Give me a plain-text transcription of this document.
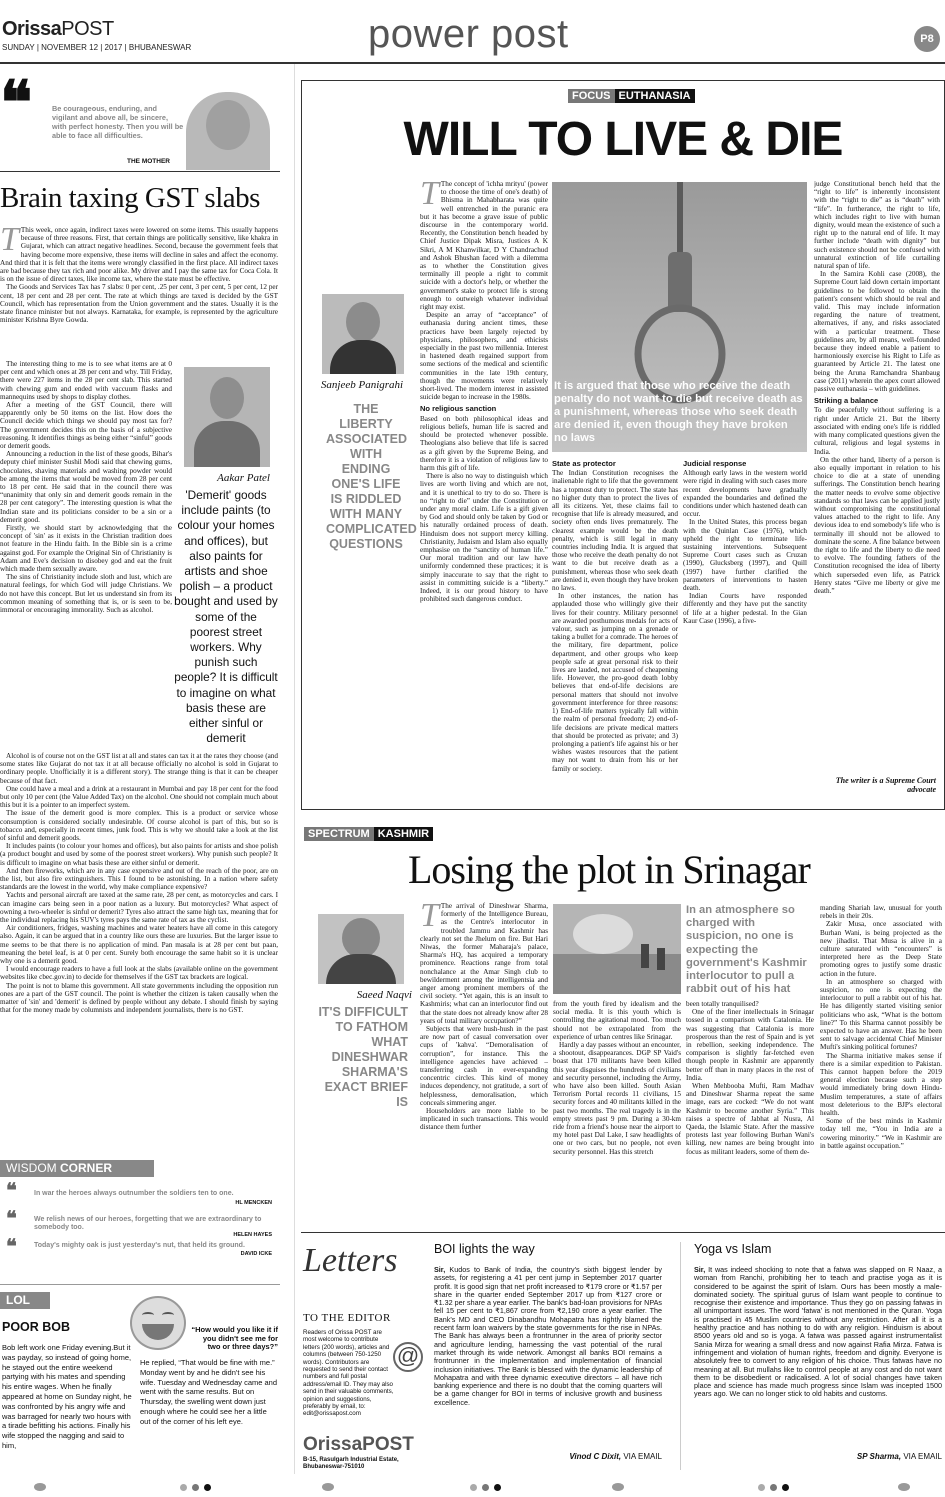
OrissaPOST
SUNDAY | NOVEMBER 12 | 2017 | BHUBANESWAR	power post	P8
❝	Be courageous, enduring, and vigilant and above all, be sincere, with perfect honesty. Then you will be able to face all difficulties.
THE MOTHER
Brain taxing GST slabs
T This week, once again, indirect taxes were lowered on some items. This usually happens because of three reasons. First, that certain things are politically sensitive, like khakra in Gujarat, which can attract negative headlines. Second, because the government feels that having become more expensive, these items will decline in sales and affect the economy. And third that it is felt that the items were wrongly classified in the first place. All indirect taxes are bad because they tax rich and poor alike. My driver and I pay the same tax for Coca Cola. It is on the issue of direct taxes, like income tax, where the state must be effective.

The Goods and Services Tax has 7 slabs: 0 per cent, .25 per cent, 3 per cent, 5 per cent, 12 per cent, 18 per cent and 28 per cent. The rate at which things are taxed is decided by the GST Council, which has representation from the Union government and the states. Usually it is the state finance minister but not always. Karnataka, for example, is represented by the agriculture minister Krishna Byre Gowda.

The interesting thing to me is to see what items are at 0 per cent and which ones at 28 per cent and why. Till Friday, there were 227 items in the 28 per cent slab. This started with chewing gum and ended with vaccuum flasks and mannequins used by shops to display clothes.

After a meeting of the GST Council, there will apparently only be 50 items on the list. How does the Council decide which things we should pay most tax for? The government decides this on the basis of a subjective reasoning. It identifies things as being either “sinful” goods or demerit goods.

Announcing a reduction in the list of these goods, Bihar's deputy chief minister Sushil Modi said that chewing gums, chocolates, shaving materials and washing powder would be among the items that would be moved from 28 per cent to 18 per cent. He said that in the council there was “unanimity that only sin and demerit goods remain in the 28 per cent category”. The interesting question is what the Indian state and its politicians consider to be a sin or a demerit good.

Firstly, we should start by acknowledging that the concept of 'sin' as it exists in the Christian tradition does not feature in the Hindu faith. In the Bible sin is a crime against god. For example the Original Sin of Christianity is Adam and Eve's decision to disobey god and eat the fruit which made them sexually aware.

The sins of Christianity include sloth and lust, which are natural feelings, for which God will judge Christians. We do not have this concept. But let us understand sin from its common meaning of something that is, or is seen to be, immoral or encouraging immorality. Such as alcohol.

Aakar Patel
'Demerit' goods include paints (to colour your homes and offices), but also paints for artists and shoe polish – a product bought and used by some of the poorest street workers. Why punish such people? It is difficult to imagine on what basis these are either sinful or demerit

Alcohol is of course not on the GST list at all and states can tax it at the rates they choose (and some states like Gujarat do not tax it at all because officially no alcohol is sold in Gujarat to ordinary people. Unofficially it is a different story). The strange thing is that it can be cheaper because of that fact.

One could have a meal and a drink at a restaurant in Mumbai and pay 18 per cent for the food but only 10 per cent (the Value Added Tax) on the alcohol. One should not complain much about this but it is a pointer to an imperfect system.

The issue of the demerit good is more complex. This is a product or service whose consumption is considered socially undesirable. Of course alcohol is part of this, but so is tobacco and, especially in recent times, junk food. This is why we should take a look at the list of sinful and demerit goods.

It includes paints (to colour your homes and offices), but also paints for artists and shoe polish (a product bought and used by some of the poorest street workers). Why punish such people? It is difficult to imagine on what basis these are either sinful or demerit.

And then fireworks, which are in any case expensive and out of the reach of the poor, are on the list, but also fire extinguishers. This I found to be astonishing. In a nation where safety standards are the lowest in the world, why make compliance expensive?

Yachts and personal aircraft are taxed at the same rate, 28 per cent, as motorcycles and cars. I can imagine cars being seen in a poor nation as a luxury. But motorcycles? What aspect of owning a two-wheeler is sinful or demerit? Tyres also attract the same high tax, meaning that for the individual replacing his SUV's tyres pays the same rate of tax as the cyclist.

Air conditioners, fridges, washing machines and water heaters have all come in this category also. Again, it can be argued that in a country like ours these are luxuries. But the larger issue to me seems to be that there is no application of mind. Pan masala is at 28 per cent but paan, meaning the betel leaf, is at 0 per cent. Surely both encourage the same habit so it is unclear why one is a demerit good.

I would encourage readers to have a full look at the slabs (available online on the government websites like cbec.gov.in) to decide for themselves if the GST tax brackets are logical.

The point is not to blame this government. All state governments including the opposition run ones are a part of the GST council. The point is whether the citizen is taken causally when the matter of 'sin' and 'demerit' is defined by people without any debate. I should finish by saying that for the money made by columnists and independent journalists, there is no GST.

WISDOM CORNER
❝ In war the heroes always outnumber the soldiers ten to one.
HL MENCKEN
❝ We relish news of our heroes, forgetting that we are extraordinary to somebody too.
HELEN HAYES
❝ Today's mighty oak is just yesterday's nut, that held its ground.
DAVID ICKE
LOL
POOR BOB	“How would you like it if you didn't see me for two or three days?”
Bob left work one Friday evening.But it was payday, so instead of going home, he stayed out the entire weekend partying with his mates and spending his entire wages. When he finally appeared at home on Sunday night, he was confronted by his angry wife and was barraged for nearly two hours with a tirade befitting his actions. Finally his wife stopped the nagging and said to him,
He replied, “That would be fine with me.” Monday went by and he didn't see his wife. Tuesday and Wednesday came and went with the same results. But on Thursday, the swelling went down just enough where he could see her a little out of the corner of his left eye.
FOCUS EUTHANASIA
WILL TO LIVE & DIE
Sanjeeb Panigrahi
THE LIBERTY ASSOCIATED WITH ENDING ONE'S LIFE IS RIDDLED WITH MANY COMPLICATED QUESTIONS
T The concept of 'ichha mrityu' (power to choose the time of one's death) of Bhisma in Mahabharata was quite well entrenched in the puranic era but it has become a grave issue of public discourse in the contemporary world. Recently, the Constitution bench headed by Chief Justice Dipak Misra, Justices A K Sikri, A M Khanwilkar, D Y Chandrachud and Ashok Bhushan faced with a dilemma as to whether the Constitution gives terminally ill people a right to commit suicide with a doctor's help, or whether the government's stake to protect life is strong enough to outweigh whatever individual right may exist.

Despite an array of “acceptance” of euthanasia during ancient times, these practices have been largely rejected by physicians, philosophers, and ethicists especially in the past two millennia. Interest in hastened death regained support from some sections of the medical and scientific communities in the late 19th century, though the movements were relatively short-lived. The modern interest in assisted suicide began to increase in the 1980s.

No religious sanction

Based on both philosophical ideas and religious beliefs, human life is sacred and should be protected whenever possible. Theologians also believe that life is sacred as a gift given by the Supreme Being, and therefore it is a violation of religious law to harm this gift of life.

There is also no way to distinguish which lives are worth living and which are not, and it is unethical to try to do so. There is no “right to die” under the Constitution or under any moral claim. Life is a gift given by God and should only be taken by God or his naturally ordained process of death. Hinduism does not support mercy killing. Christianity, Judaism and Islam also equally emphasise on the “sanctity of human life.” Our moral tradition and our law have uniformly condemned these practices; it is simply inaccurate to say that the right to assist in committing suicide is a “liberty.” Indeed, it is our proud history to have prohibited such dangerous conduct.

It is argued that those who receive the death penalty do not want to die but receive death as a punishment, whereas those who seek death are denied it, even though they have broken no laws
State as protector

The Indian Constitution recognises the inalienable right to life that the government has a topmost duty to protect. The state has no higher duty than to protect the lives of all its citizens. Yet, these claims fail to recognise that life is already measured, and society often ends lives prematurely. The clearest example would be the death penalty, which is still legal in many countries including India. It is argued that those who receive the death penalty do not want to die but receive death as a punishment, whereas those who seek death are denied it, even though they have broken no laws.

In other instances, the nation has applauded those who willingly give their lives for their country. Military personnel are awarded posthumous medals for acts of valour, such as jumping on a grenade or taking a bullet for a comrade. The heroes of the military, fire department, police department, and other groups who keep people safe at great personal risk to their lives are lauded, not accused of cheapening life. However, the pro-good death lobby believes that end-of-life decisions are personal matters that should not involve government interference for three reasons: 1) End-of-life matters typically fall within the realm of personal freedom; 2) end-of-life decisions are private medical matters that should be protected as private; and 3) prolonging a patient's life against his or her wishes wastes resources that the patient may not want to drain from his or her family or society.

Judicial response

Although early laws in the western world were rigid in dealing with such cases more recent developments have gradually expanded the boundaries and defined the conditions under which hastened death can occur.

In the United States, this process began with the Quinlan Case (1976), which upheld the right to terminate life-sustaining interventions. Subsequent Supreme Court cases such as Cruzan (1990), Glucksberg (1997), and Quill (1997) have further clarified the parameters of interventions to hasten death.

Indian Courts have responded differently and they have put the sanctity of life at a higher pedestal. In the Gian Kaur Case (1996), a five-

judge Constitutional bench held that the “right to life” is inherently inconsistent with the “right to die” as is “death” with “life”. In furtherance, the right to life, which includes right to live with human dignity, would mean the existence of such a right up to the natural end of life. It may further include “death with dignity” but such existence should not be confused with unnatural extinction of life curtailing natural span of life.

In the Samira Kohli case (2008), the Supreme Court laid down certain important guidelines to be followed to obtain the patient's consent which should be real and valid. This may include information regarding the nature of treatment, alternatives, if any, and risks associated with a particular treatment. These guidelines are, by all means, well-founded because they indeed enable a patient to harmoniously exercise his Right to Life as guaranteed by Article 21. The latest one being the Aruna Ramchandra Shanbaug case (2011) wherein the apex court allowed passive euthanasia – with guidelines.

Striking a balance

To die peacefully without suffering is a right under Article 21. But the liberty associated with ending one's life is riddled with many complicated questions given the cultural, religious and legal systems in India.

On the other hand, liberty of a person is also equally important in relation to his choice to die at a state of unending sufferings. The Constitution bench hearing the matter needs to evolve some objective standards so that laws can be applied justly without compromising the constitutional values attached to the right to life. Any devious idea to end somebody's life who is terminally ill should not be allowed to dominate the scene. A fine balance between the right to life and the liberty to die need to evolve. The founding fathers of the Constitution recognised the idea of liberty which superseded even life, as Patrick Henry states “Give me liberty or give me death.”

The writer is a Supreme Court advocate
SPECTRUM KASHMIR
Losing the plot in Srinagar
Saeed Naqvi
IT'S DIFFICULT TO FATHOM WHAT DINESHWAR SHARMA'S EXACT BRIEF IS
T The arrival of Dineshwar Sharma, formerly of the Intelligence Bureau, as the Centre's interlocutor in troubled Jammu and Kashmir has clearly not set the Jhelum on fire. But Hari Niwas, the former Maharaja's palace, Sharma's HQ, has acquired a temporary prominence. Reactions range from total nonchalance at the Amar Singh club to bewilderment among the intelligentsia and anger among prominent members of the civil society. “Yet again, this is an insult to Kashmiris; what can an interlocutor find out that the state does not already know after 28 years of total military occupation?”

Subjects that were hush-hush in the past are now part of casual conversation over cups of 'kahva'. “Demoralisation of corruption”, for instance. This the intelligence agencies have achieved – transferring cash in ever-expanding concentric circles. This kind of money induces dependency, not gratitude, a sort of helplessness, demoralisation, which conceals simmering anger.

Householders are more liable to be implicated in such transactions. This would distance them further

from the youth fired by idealism and the social media. It is this youth which is controlling the agitational mood. Too much should not be extrapolated from the experience of urban centres like Srinagar.

Hardly a day passes without an encounter, a shootout, disappearances. DGP SP Vaid's boast that 170 militants have been killed this year disguises the hundreds of civilians and security personnel, including the Army, who have also been killed. South Asian Terrorism Portal records 11 civilians, 15 security forces and 40 militants killed in the past two months. The real tragedy is in the empty streets past 9 pm. During a 30-km ride from a friend's house near the airport to my hotel past Dal Lake, I saw headlights of one or two cars, but no people, not even security personnel. Has this stretch

In an atmosphere so charged with suspicion, no one is expecting the government's Kashmir interlocutor to pull a rabbit out of his hat

been totally tranquilised?

One of the finer intellectuals in Srinagar tossed in a comparison with Catalonia. He was suggesting that Catalonia is more prosperous than the rest of Spain and is yet in rebellion, seeking independence. The comparison is slightly far-fetched even though people in Kashmir are apparently better off than in many places in the rest of India.

When Mehbooba Mufti, Ram Madhav and Dineshwar Sharma repeat the same image, ears are cocked: “We do not want Kashmir to become another Syria.” This raises a spectre of Jabhat al Nusra, Al Qaeda, the Islamic State. After the massive protests last year following Burhan Wani's killing, new names are being brought into focus as militant leaders, some of them de-

manding Shariah law, unusual for youth rebels in their 20s.

Zakir Musa, once associated with Burhan Wani, is being projected as the new jihadist. That Musa is alive in a culture saturated with “encounters” is interpreted here as the Deep State promoting ogres to justify some drastic action in the future.

In an atmosphere so charged with suspicion, no one is expecting the interlocutor to pull a rabbit out of his hat. He has diligently started visiting senior politicians who ask, “What is the bottom line?” To this Sharma cannot possibly be expected to have an answer. Has he been sent to salvage accidental Chief Minister Mufti's sinking political fortunes?

The Sharma initiative makes sense if there is a similar expedition to Pakistan. This cannot happen before the 2019 general election because such a step would immediately bring down Hindu-Muslim temperatures, a state of affairs most deleterious to the BJP's electoral health.

Some of the best minds in Kashmir today tell me, “You in India are a cowering minority.” “We in Kashmir are in battle against occupation.”

Letters
TO THE EDITOR
Readers of Orissa POST are most welcome to contribute letters (200 words), articles and columns (between 750-1250 words). Contributors are requested to send their contact numbers and full postal address/email ID. They may also send in their valuable comments, opinion and suggestions, preferably by email, to: edit@orissapost.com
@
OrissaPOST
B-15, Rasulgarh Industrial Estate, Bhubaneswar-751010
BOI lights the way
Sir, Kudos to Bank of India, the country's sixth biggest lender by assets, for registering a 41 per cent jump in September 2017 quarter profit. It is good sign that net profit increased to ₹179 crore or ₹1.57 per share in the quarter ended September 2017 up from ₹127 crore or ₹1.32 per share a year earlier. The bank's bad-loan provisions for NPAs fell 15 per cent to ₹1,867 crore from ₹2,190 crore a year earlier. The Bank's MD and CEO Dinabandhu Mohapatra has rightly blamed the recent farm loan waivers by the state governments for the rise in NPAs. The Bank has always been a frontrunner in the area of priority sector and agriculture lending, harnessing the vast potential of the rural market through its wide network. Amongst all banks BOI remains a frontrunner in the implementation and implementation of financial inclusion initiatives. The Bank is blessed with the dynamic leadership of Mohapatra and with three dynamic executive directors – all have rich banking experience and there is no doubt that the coming quarters will be a game changer for BOI in terms of inclusive growth and business excellence.
Vinod C Dixit, VIA EMAIL
Yoga vs Islam
Sir, It was indeed shocking to note that a fatwa was slapped on R Naaz, a woman from Ranchi, prohibiting her to teach and practise yoga as it is considered to be against the spirit of Islam. Ours has been mostly a male-dominated society. The spiritual gurus of Islam want people to continue to recognise their existence and importance. Thus they go on passing fatwas in all unimportant issues. The word 'fatwa' is not mentioned in the Quran. Yoga is practised in 45 Muslim countries without any restriction. After all it is a healthy practice and has nothing to do with any religion. Hinduism is about 8500 years old and so is yoga. A fatwa was passed against instrumentalist Sania Mirza for wearing a small dress and now against Rafia Mirza. Fatwa is infringement and violation of human rights, freedom and dignity. Everyone is absolutely free to convert to any religion of his choice. Thus fatwas have no meaning at all. But mullahs like to control people at any cost and do not want them to be disobedient or radicalised. A lot of social changes have taken place and science has made much progress since Islam was incepted 1500 years ago. We can no longer stick to old habits and customs.
SP Sharma, VIA EMAIL
